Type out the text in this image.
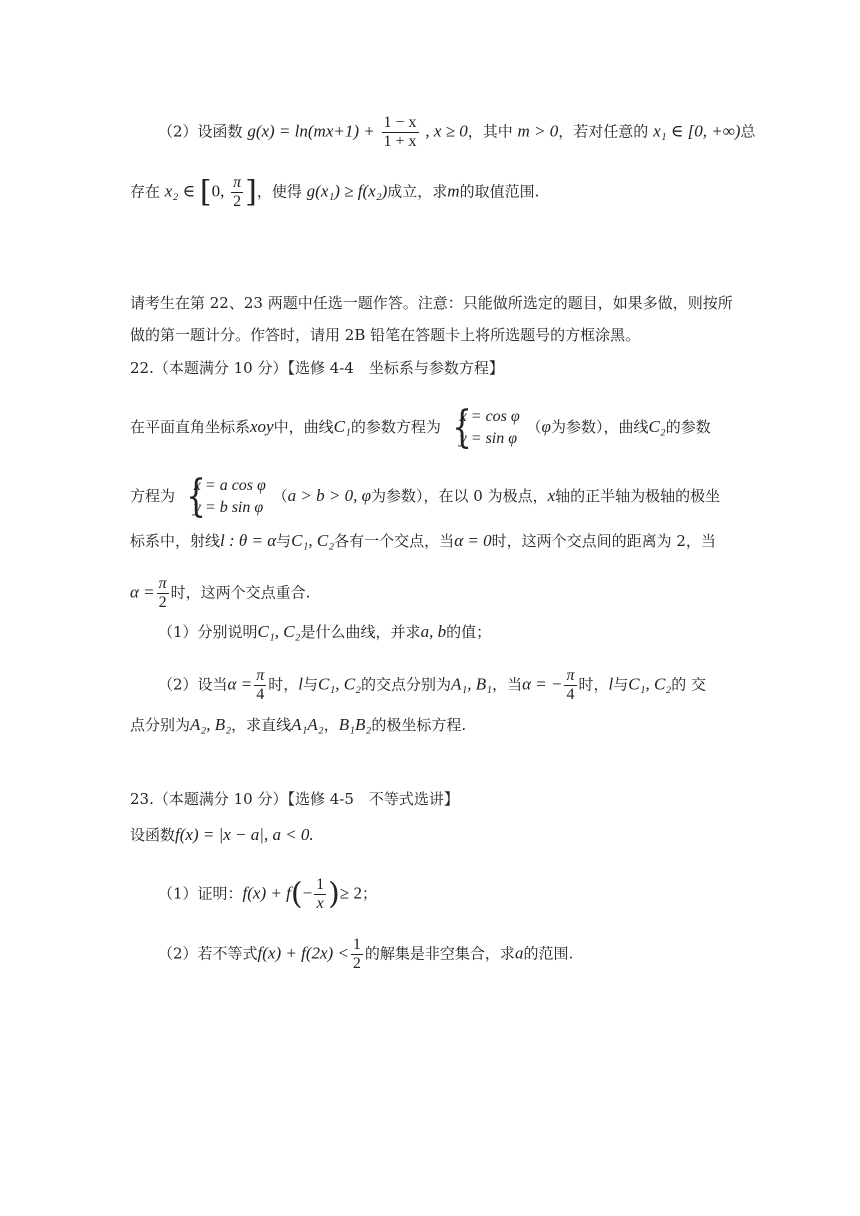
（2）设函数 $g(x) = \ln(mx+1) + \frac{1 - x}{1 + x}$ , x ≥ 0，其中 m > 0，若对任意的 x₁ ∈ [0, +∞)总
存在 x₂ ∈ [0, $\frac{\pi}{2}$ ]，使得 g(x₁) ≥ f(x₂)成立，求m的取值范围.
请考生在第 22、23 两题中任选一题作答。注意：只能做所选定的题目，如果多做，则按所
做的第一题计分。作答时，请用 2B 铅笔在答题卡上将所选题号的方框涂黑。
22.（本题满分 10 分）【选修 4-4　坐标系与参数方程】
在平面直角坐标系xoy中，曲线C₁的参数方程为 {
x = cos φ
y = sin φ
（φ为参数），曲线C₂的参数
方程为 {
x = a cos φ
y = b sin φ
（a > b > 0, φ为参数），在以 0 为极点，x轴的正半轴为极轴的极坐
标系中，射线l : θ = α与C₁, C₂各有一个交点，当α = 0时，这两个交点间的距离为 2，当
$\alpha = \frac{\pi}{2}$ 时，这两个交点重合.
（1）分别说明C₁, C₂是什么曲线，并求a, b的值；
（2）设当$\alpha = \frac{\pi}{4}$ 时，l与C₁, C₂的交点分别为A₁, B₁，当α = − $\frac{\pi}{4}$ 时，l与C₁, C₂的 交
点分别为A₂, B₂，求直线A₁A₂，B₁B₂的极坐标方程.
23.（本题满分 10 分）【选修 4-5　不等式选讲】
设函数f(x) = |x − a|, a < 0.
（1）证明：$f(x) + f(- \frac{1}{x}$ )≥ 2；
（2）若不等式$f(x) + f(2x) < \frac{1}{2}$ 的解集是非空集合，求a的范围.
